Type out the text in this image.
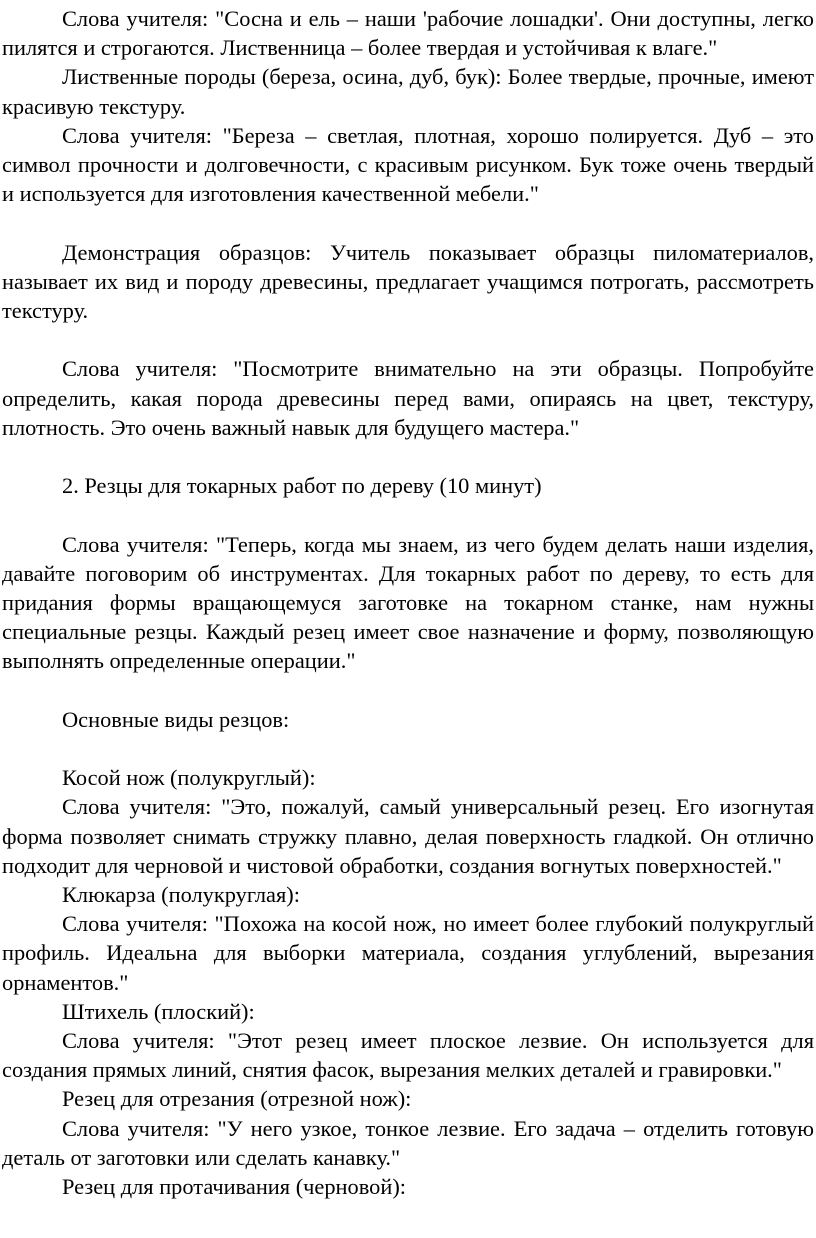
Слова учителя: "Сосна и ель – наши 'рабочие лошадки'. Они доступны, легко пилятся и строгаются. Лиственница – более твердая и устойчивая к влаге."

Лиственные породы (береза, осина, дуб, бук): Более твердые, прочные, имеют красивую текстуру.

Слова учителя: "Береза – светлая, плотная, хорошо полируется. Дуб – это символ прочности и долговечности, с красивым рисунком. Бук тоже очень твердый и используется для изготовления качественной мебели."

Демонстрация образцов: Учитель показывает образцы пиломатериалов, называет их вид и породу древесины, предлагает учащимся потрогать, рассмотреть текстуру.

Слова учителя: "Посмотрите внимательно на эти образцы. Попробуйте определить, какая порода древесины перед вами, опираясь на цвет, текстуру, плотность. Это очень важный навык для будущего мастера."

2. Резцы для токарных работ по дереву (10 минут)

Слова учителя: "Теперь, когда мы знаем, из чего будем делать наши изделия, давайте поговорим об инструментах. Для токарных работ по дереву, то есть для придания формы вращающемуся заготовке на токарном станке, нам нужны специальные резцы. Каждый резец имеет свое назначение и форму, позволяющую выполнять определенные операции."

Основные виды резцов:

Косой нож (полукруглый):

Слова учителя: "Это, пожалуй, самый универсальный резец. Его изогнутая форма позволяет снимать стружку плавно, делая поверхность гладкой. Он отлично подходит для черновой и чистовой обработки, создания вогнутых поверхностей."

Клюкарза (полукруглая):

Слова учителя: "Похожа на косой нож, но имеет более глубокий полукруглый профиль. Идеальна для выборки материала, создания углублений, вырезания орнаментов."

Штихель (плоский):

Слова учителя: "Этот резец имеет плоское лезвие. Он используется для создания прямых линий, снятия фасок, вырезания мелких деталей и гравировки."

Резец для отрезания (отрезной нож):

Слова учителя: "У него узкое, тонкое лезвие. Его задача – отделить готовую деталь от заготовки или сделать канавку."

Резец для протачивания (черновой):
